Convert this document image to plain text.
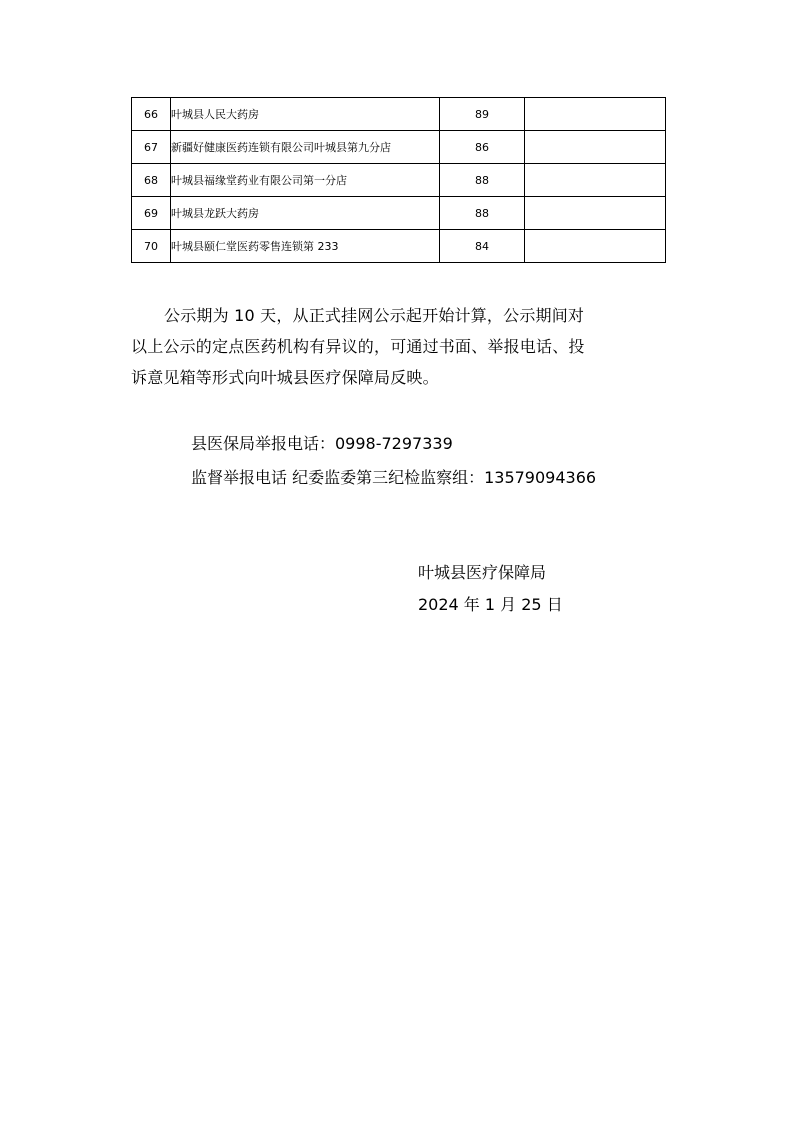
66	叶城县人民大药房	89	
67	新疆好健康医药连锁有限公司叶城县第九分店	86	
68	叶城县福缘堂药业有限公司第一分店	88	
69	叶城县龙跃大药房	88	
70	叶城县颐仁堂医药零售连锁第 233	84	
公示期为 10 天，从正式挂网公示起开始计算，公示期间对
以上公示的定点医药机构有异议的，可通过书面、举报电话、投
诉意见箱等形式向叶城县医疗保障局反映。
县医保局举报电话：0998-7297339
监督举报电话 纪委监委第三纪检监察组：13579094366
叶城县医疗保障局
2024 年 1 月 25 日
